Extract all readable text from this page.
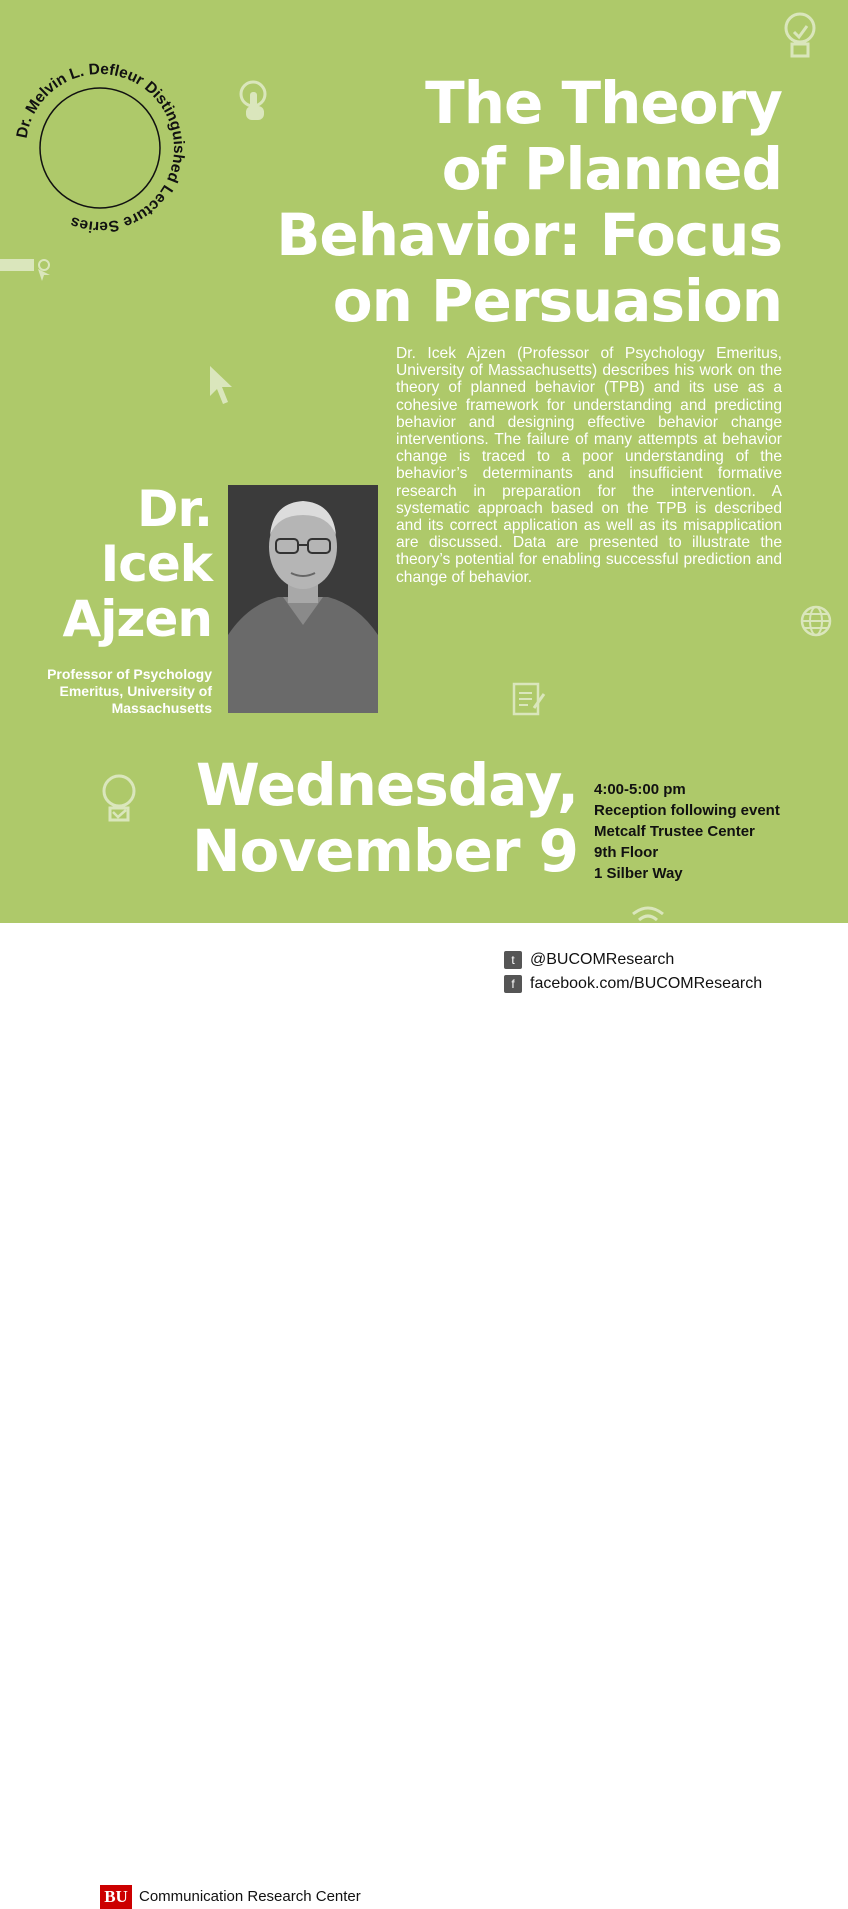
Dr. Melvin L. Defleur Distinguished Lecture Series
The Theory
of Planned
Behavior: Focus
on Persuasion
Dr. Icek Ajzen (Professor of Psychology Emeritus, University of Massachusetts) describes his work on the theory of planned behavior (TPB) and its use as a cohesive framework for understanding and predicting behavior and designing effective behavior change interventions. The failure of many attempts at behavior change is traced to a poor understanding of the behavior’s determinants and insufficient formative research in preparation for the intervention. A systematic approach based on the TPB is described and its correct application as well as its misapplication are discussed. Data are presented to illustrate the theory’s potential for enabling successful prediction and change of behavior.
Dr.
Icek
Ajzen
Professor of Psychology Emeritus, University of Massachusetts
Wednesday,
November 9
4:00-5:00 pm
Reception following event
Metcalf Trustee Center
9th Floor
1 Silber Way
BU Communication Research Center
t @BUCOMResearch
f facebook.com/BUCOMResearch
